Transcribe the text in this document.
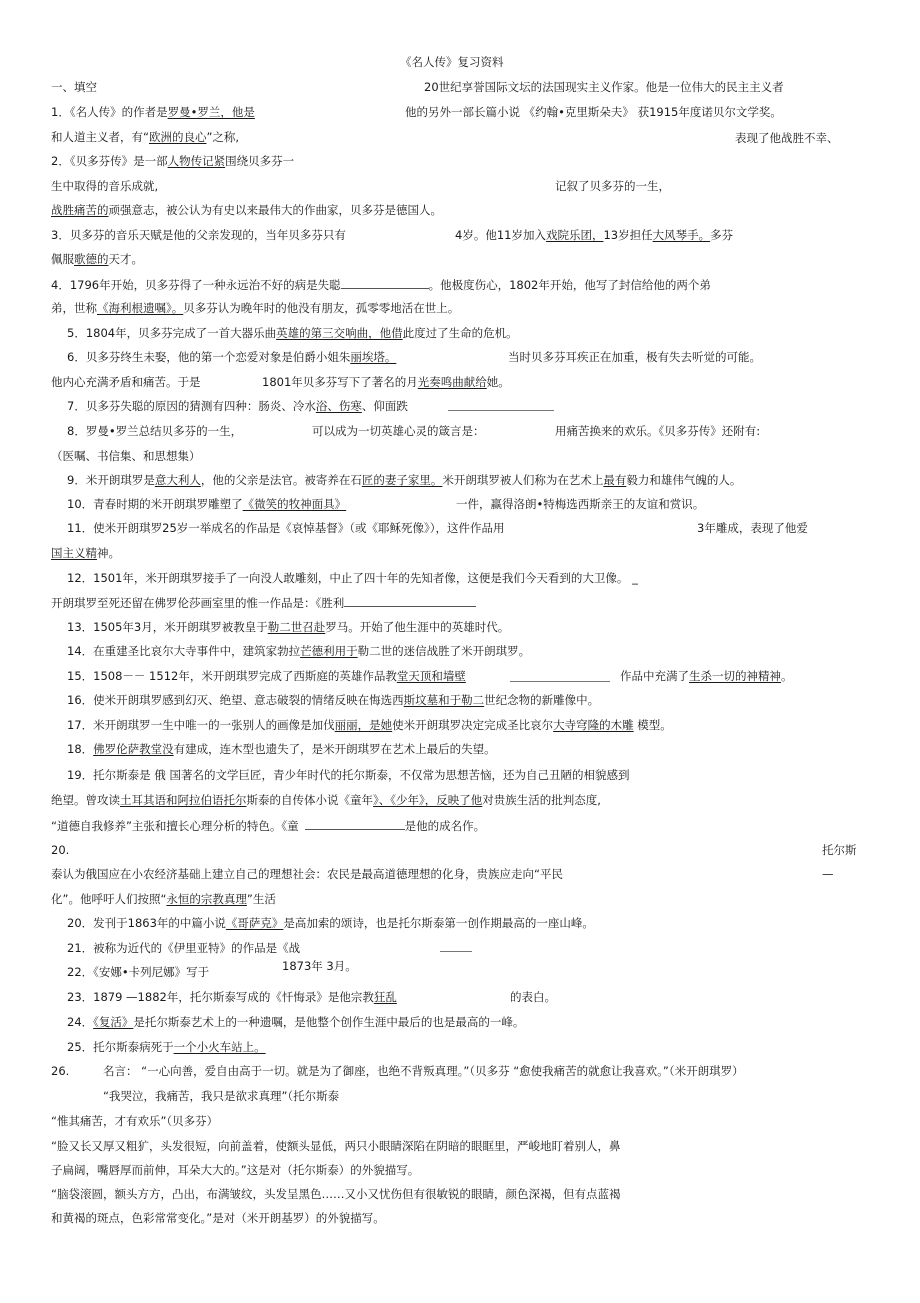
《名人传》复习资料
一、填空	20世纪享誉国际文坛的法国现实主义作家。他是一位伟大的民主主义者
1．《名人传》的作者是罗曼•罗兰，他是	他的另外一部长篇小说 《约翰•克里斯朵夫》 获1915年度诺贝尔文学奖。
和人道主义者，有“欧洲的良心”之称,	表现了他战胜不幸、
2．《贝多芬传》是一部人物传记紧围绕贝多芬一
生中取得的音乐成就,	记叙了贝多芬的一生，
战胜痛苦的顽强意志，被公认为有史以来最伟大的作曲家，贝多芬是德国人。
3．贝多芬的音乐天赋是他的父亲发现的，当年贝多芬只有	4岁。他11岁加入戏院乐团，13岁担任大风琴手。多芬
佩服歌德的天才。
4．1796年开始，贝多芬得了一种永远治不好的病是失聪	。他极度伤心，1802年开始，他写了封信给他的两个弟
弟，世称《海利根遗嘱》。贝多芬认为晚年时的他没有朋友，孤零零地活在世上。
5．1804年，贝多芬完成了一首大器乐曲英雄的第三交响曲，他借此度过了生命的危机。
6．贝多芬终生未娶，他的第一个恋爱对象是伯爵小姐朱丽埃塔。	当时贝多芬耳疾正在加重，极有失去听觉的可能。
他内心充满矛盾和痛苦。于是	1801年贝多芬写下了著名的月光奏鸣曲献给她。
7．贝多芬失聪的原因的猜测有四种：肠炎、冷水浴、伤寒、仰面跌
8．罗曼•罗兰总结贝多芬的一生，	可以成为一切英雄心灵的箴言是：	用痛苦换来的欢乐。《贝多芬传》还附有:
（医嘱、书信集、和思想集）
9．米开朗琪罗是意大利人，他的父亲是法官。被寄养在石匠的妻子家里。米开朗琪罗被人们称为在艺术上最有毅力和雄伟气魄的人。
10．青春时期的米开朗琪罗雕塑了《微笑的牧神面具》	一件，赢得洛朗•特梅选西斯亲王的友谊和赏识。
11．使米开朗琪罗25岁一举成名的作品是《哀悼基督》（或《耶稣死像》），这件作品用	3年雕成，表现了他爱
国主义精神。
12．1501年，米开朗琪罗接手了一向没人敢雕刻，中止了四十年的先知者像，这便是我们今天看到的大卫像。 _
开朗琪罗至死还留在佛罗伦莎画室里的惟一作品是：《胜利
13．1505年3月，米开朗琪罗被教皇于勒二世召赴罗马。开始了他生涯中的英雄时代。
14．在重建圣比哀尔大寺事件中，建筑家勃拉芒德利用于勒二世的迷信战胜了米开朗琪罗。
15．1508－－ 1512年，米开朗琪罗完成了西斯庭的英雄作品教堂天顶和墙壁	作品中充满了生杀一切的神精神。
16．使米开朗琪罗感到幻灭、绝望、意志破裂的情绪反映在悔选西斯坟墓和于勒二世纪念物的新雕像中。
17．米开朗琪罗一生中唯一的一张别人的画像是加伐丽丽，是她使米开朗琪罗决定完成圣比哀尔大寺穹隆的木雕 模型。
18．佛罗伦萨教堂没有建成，连木型也遗失了，是米开朗琪罗在艺术上最后的失望。
19．托尔斯泰是 俄 国著名的文学巨匠，青少年时代的托尔斯泰，不仅常为思想苦恼，还为自己丑陋的相貌感到
绝望。曾攻读土耳其语和阿拉伯语托尔斯泰的自传体小说《童年》、《少年》，反映了他对贵族生活的批判态度,
“道德自我修养”主张和擅长心理分析的特色。《童	是他的成名作。
20.	托尔斯
泰认为俄国应在小农经济基础上建立自己的理想社会：农民是最高道德理想的化身，贵族应走向“平民	—
化”。他呼吁人们按照“永恒的宗教真理”生活
20．发刊于1863年的中篇小说《哥萨克》是高加索的颂诗，也是托尔斯泰第一创作期最高的一座山峰。
21．被称为近代的《伊里亚特》的作品是《战
22．《安娜•卡列尼娜》写于	1873年 3月。
23．1879 —1882年，托尔斯泰写成的《忏悔录》是他宗教狂乱	的表白。
24．《复活》是托尔斯泰艺术上的一种遗嘱，是他整个创作生涯中最后的也是最高的一峰。
25．托尔斯泰病死于一个小火车站上。
26.	名言： “一心向善，爱自由高于一切。就是为了御座，也绝不背叛真理。”（贝多芬 “愈使我痛苦的就愈让我喜欢。”（米开朗琪罗）
“我哭泣，我痛苦，我只是欲求真理”（托尔斯泰
“惟其痛苦，才有欢乐”（贝多芬）
“脸又长又厚又粗犷，头发很短，向前盖着，使额头显低，两只小眼睛深陷在阴暗的眼眶里，严峻地盯着别人，鼻
子扁阔，嘴唇厚而前伸，耳朵大大的。”这是对（托尔斯泰）的外貌描写。
“脑袋滚圆，额头方方，凸出，布满皱纹，头发呈黑色……又小又忧伤但有很敏锐的眼睛，颜色深褐，但有点蓝褐
和黄褐的斑点，色彩常常变化。”是对（米开朗基罗）的外貌描写。
